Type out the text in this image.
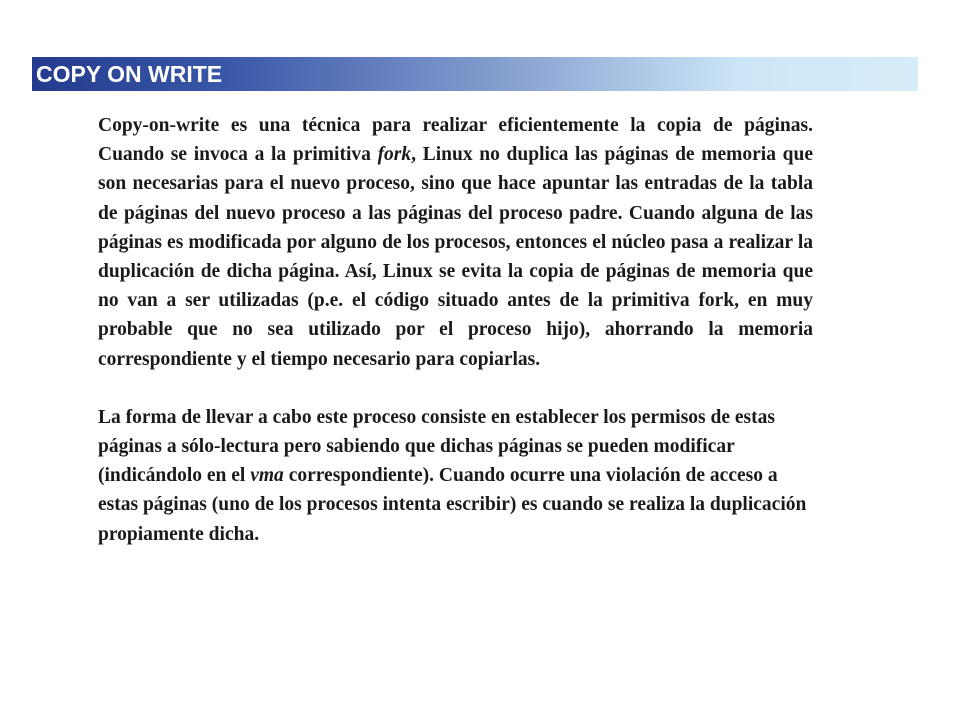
COPY ON WRITE

Copy-on-write es una técnica para realizar eficientemente la copia de páginas. Cuando se invoca a la primitiva fork, Linux no duplica las páginas de memoria que son necesarias para el nuevo proceso, sino que hace apuntar las entradas de la tabla de páginas del nuevo proceso a las páginas del proceso padre. Cuando alguna de las páginas es modificada por alguno de los procesos, entonces el núcleo pasa a realizar la duplicación de dicha página. Así, Linux se evita la copia de páginas de memoria que no van a ser utilizadas (p.e. el código situado antes de la primitiva fork, en muy probable que no sea utilizado por el proceso hijo), ahorrando la memoria correspondiente y el tiempo necesario para copiarlas.

La forma de llevar a cabo este proceso consiste en establecer los permisos de estas páginas a sólo-lectura pero sabiendo que dichas páginas se pueden modificar (indicándolo en el vma correspondiente). Cuando ocurre una violación de acceso a estas páginas (uno de los procesos intenta escribir) es cuando se realiza la duplicación propiamente dicha.
